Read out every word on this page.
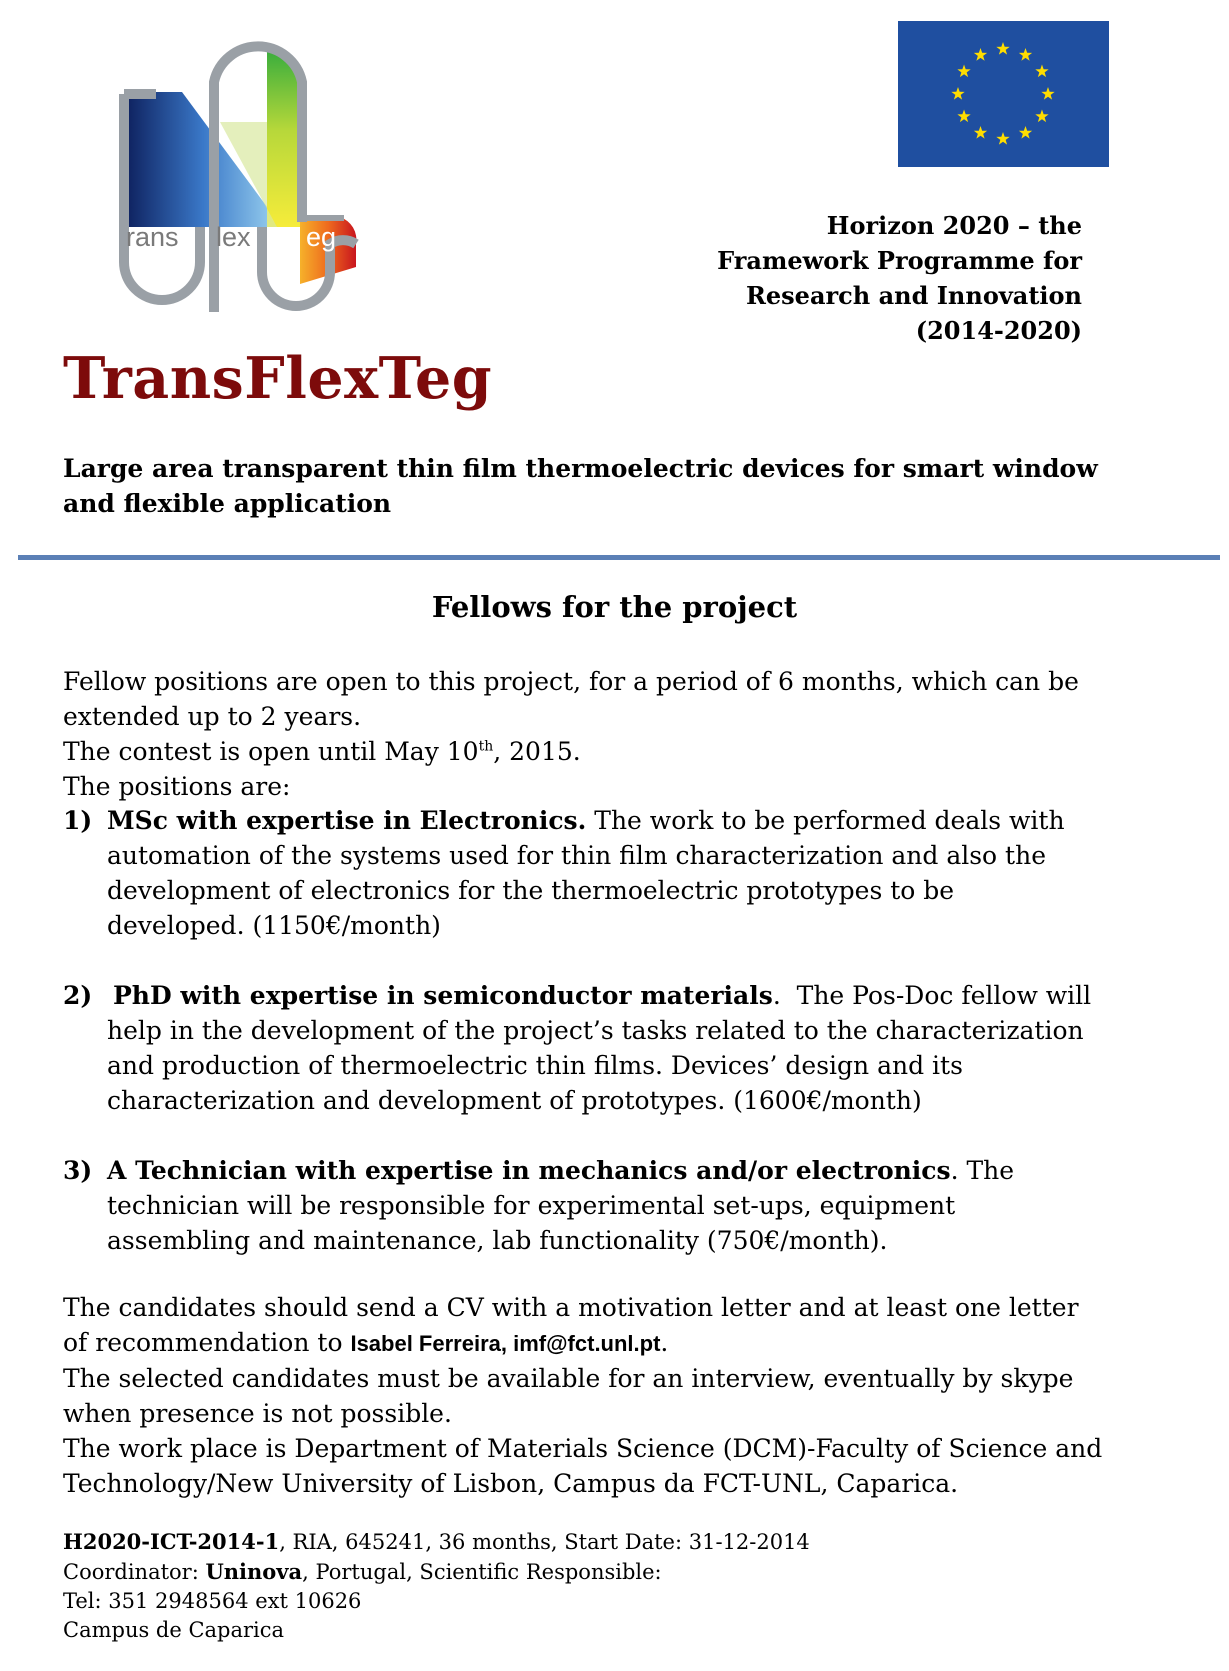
rans lex eg	Horizon 2020 – the
Framework Programme for
Research and Innovation
(2014-2020)
TransFlexTeg
Large area transparent thin film thermoelectric devices for smart window
and flexible application
Fellows for the project
Fellow positions are open to this project, for a period of 6 months, which can be
extended up to 2 years.
The contest is open until May 10th, 2015.
The positions are:
1) MSc with expertise in Electronics. The work to be performed deals with
automation of the systems used for thin film characterization and also the
development of electronics for the thermoelectric prototypes to be
developed. (1150€/month)
2) PhD with expertise in semiconductor materials.  The Pos-Doc fellow will
help in the development of the project’s tasks related to the characterization
and production of thermoelectric thin films. Devices’ design and its
characterization and development of prototypes. (1600€/month)
3) A Technician with expertise in mechanics and/or electronics. The
technician will be responsible for experimental set-ups, equipment
assembling and maintenance, lab functionality (750€/month).
The candidates should send a CV with a motivation letter and at least one letter
of recommendation to Isabel Ferreira, imf@fct.unl.pt.
The selected candidates must be available for an interview, eventually by skype
when presence is not possible.
The work place is Department of Materials Science (DCM)-Faculty of Science and
Technology/New University of Lisbon, Campus da FCT-UNL, Caparica.
H2020-ICT-2014-1, RIA, 645241, 36 months, Start Date: 31-12-2014
Coordinator: Uninova, Portugal, Scientific Responsible:
Tel: 351 2948564 ext 10626
Campus de Caparica
